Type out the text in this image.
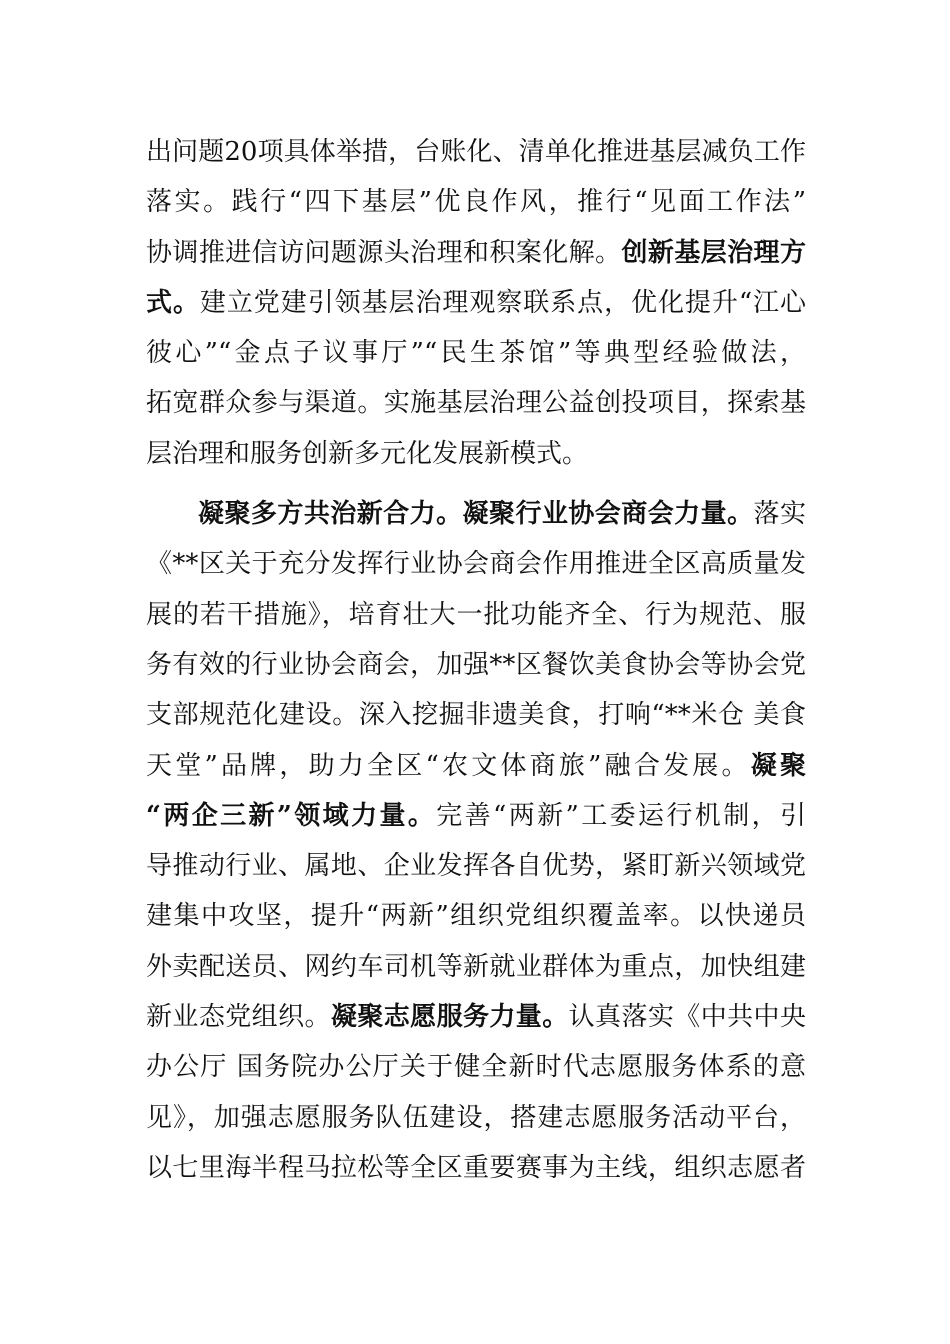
出问题20项具体举措，台账化、清单化推进基层减负工作
落实。践行“四下基层”优良作风，推行“见面工作法”
协调推进信访问题源头治理和积案化解。创新基层治理方
式。建立党建引领基层治理观察联系点，优化提升“江心
彼心”“金点子议事厅”“民生茶馆”等典型经验做法，
拓宽群众参与渠道。实施基层治理公益创投项目，探索基
层治理和服务创新多元化发展新模式。
凝聚多方共治新合力。凝聚行业协会商会力量。落实
《**区关于充分发挥行业协会商会作用推进全区高质量发
展的若干措施》，培育壮大一批功能齐全、行为规范、服
务有效的行业协会商会，加强**区餐饮美食协会等协会党
支部规范化建设。深入挖掘非遗美食，打响“**米仓 美食
天堂”品牌，助力全区“农文体商旅”融合发展。凝聚
“两企三新”领域力量。完善“两新”工委运行机制，引
导推动行业、属地、企业发挥各自优势，紧盯新兴领域党
建集中攻坚，提升“两新”组织党组织覆盖率。以快递员
外卖配送员、网约车司机等新就业群体为重点，加快组建
新业态党组织。凝聚志愿服务力量。认真落实《中共中央
办公厅 国务院办公厅关于健全新时代志愿服务体系的意
见》，加强志愿服务队伍建设，搭建志愿服务活动平台，
以七里海半程马拉松等全区重要赛事为主线，组织志愿者
